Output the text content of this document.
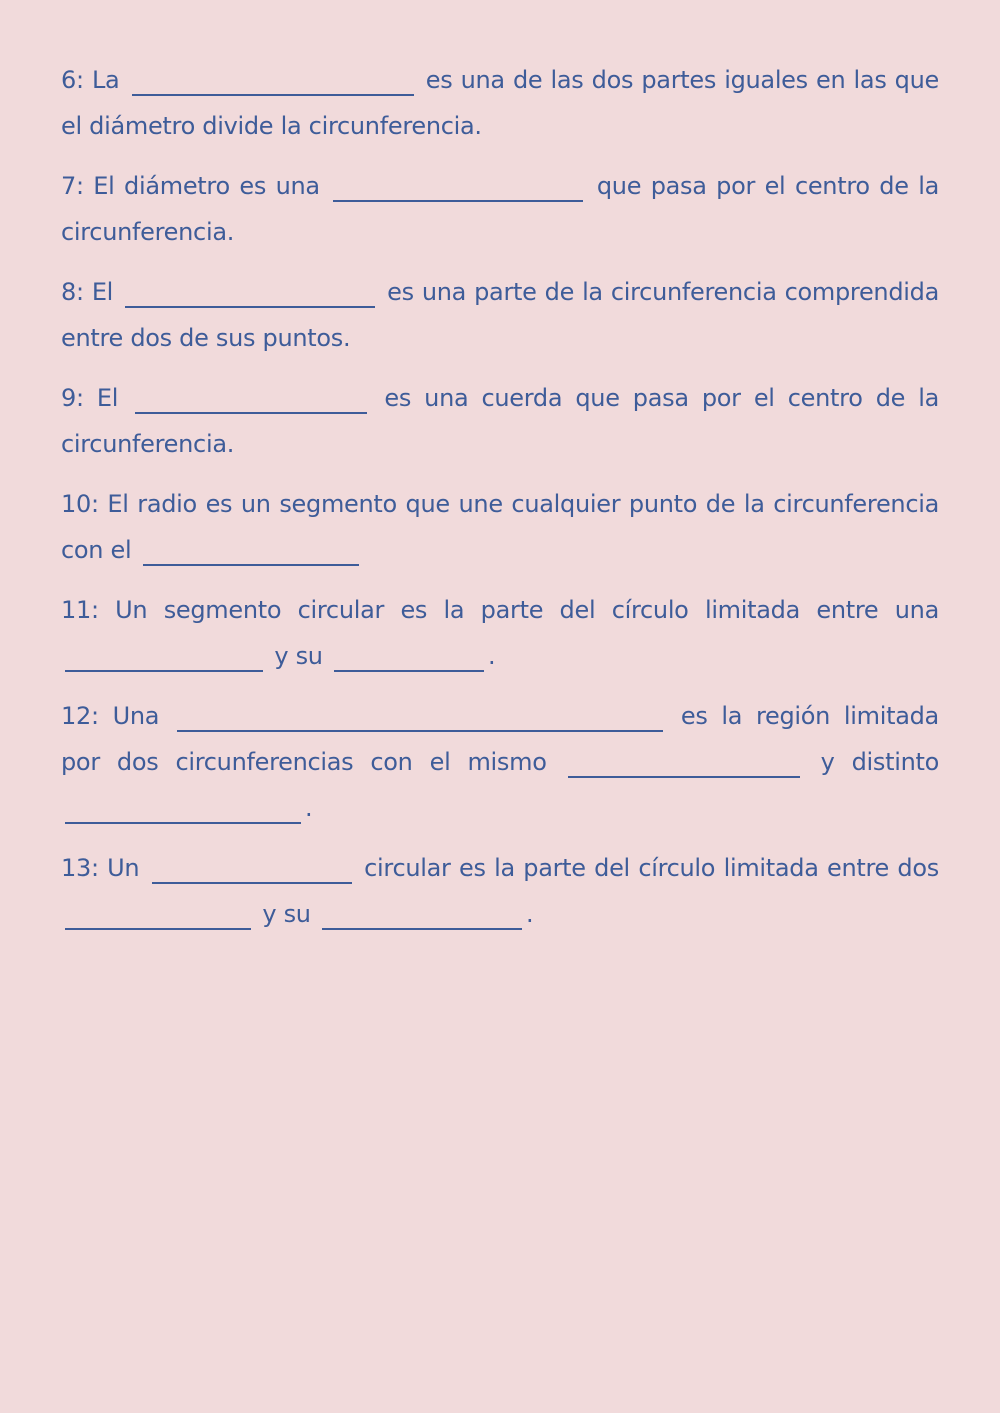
6: La	es una de las dos partes iguales en las que el diámetro divide la circunferencia.

7: El diámetro es una	que pasa por el centro de la circunferencia.

8: El	es una parte de la circunferencia comprendida entre dos de sus puntos.

9: El	es una cuerda que pasa por el centro de la circunferencia.

10: El radio es un segmento que une cualquier punto de la circunferencia con el

11: Un segmento circular es la parte del círculo limitada entre una  y su	.

12: Una	es la región limitada por dos circunferencias con el mismo	y distinto .

13: Un	circular es la parte del círculo limitada entre dos  y su	.
